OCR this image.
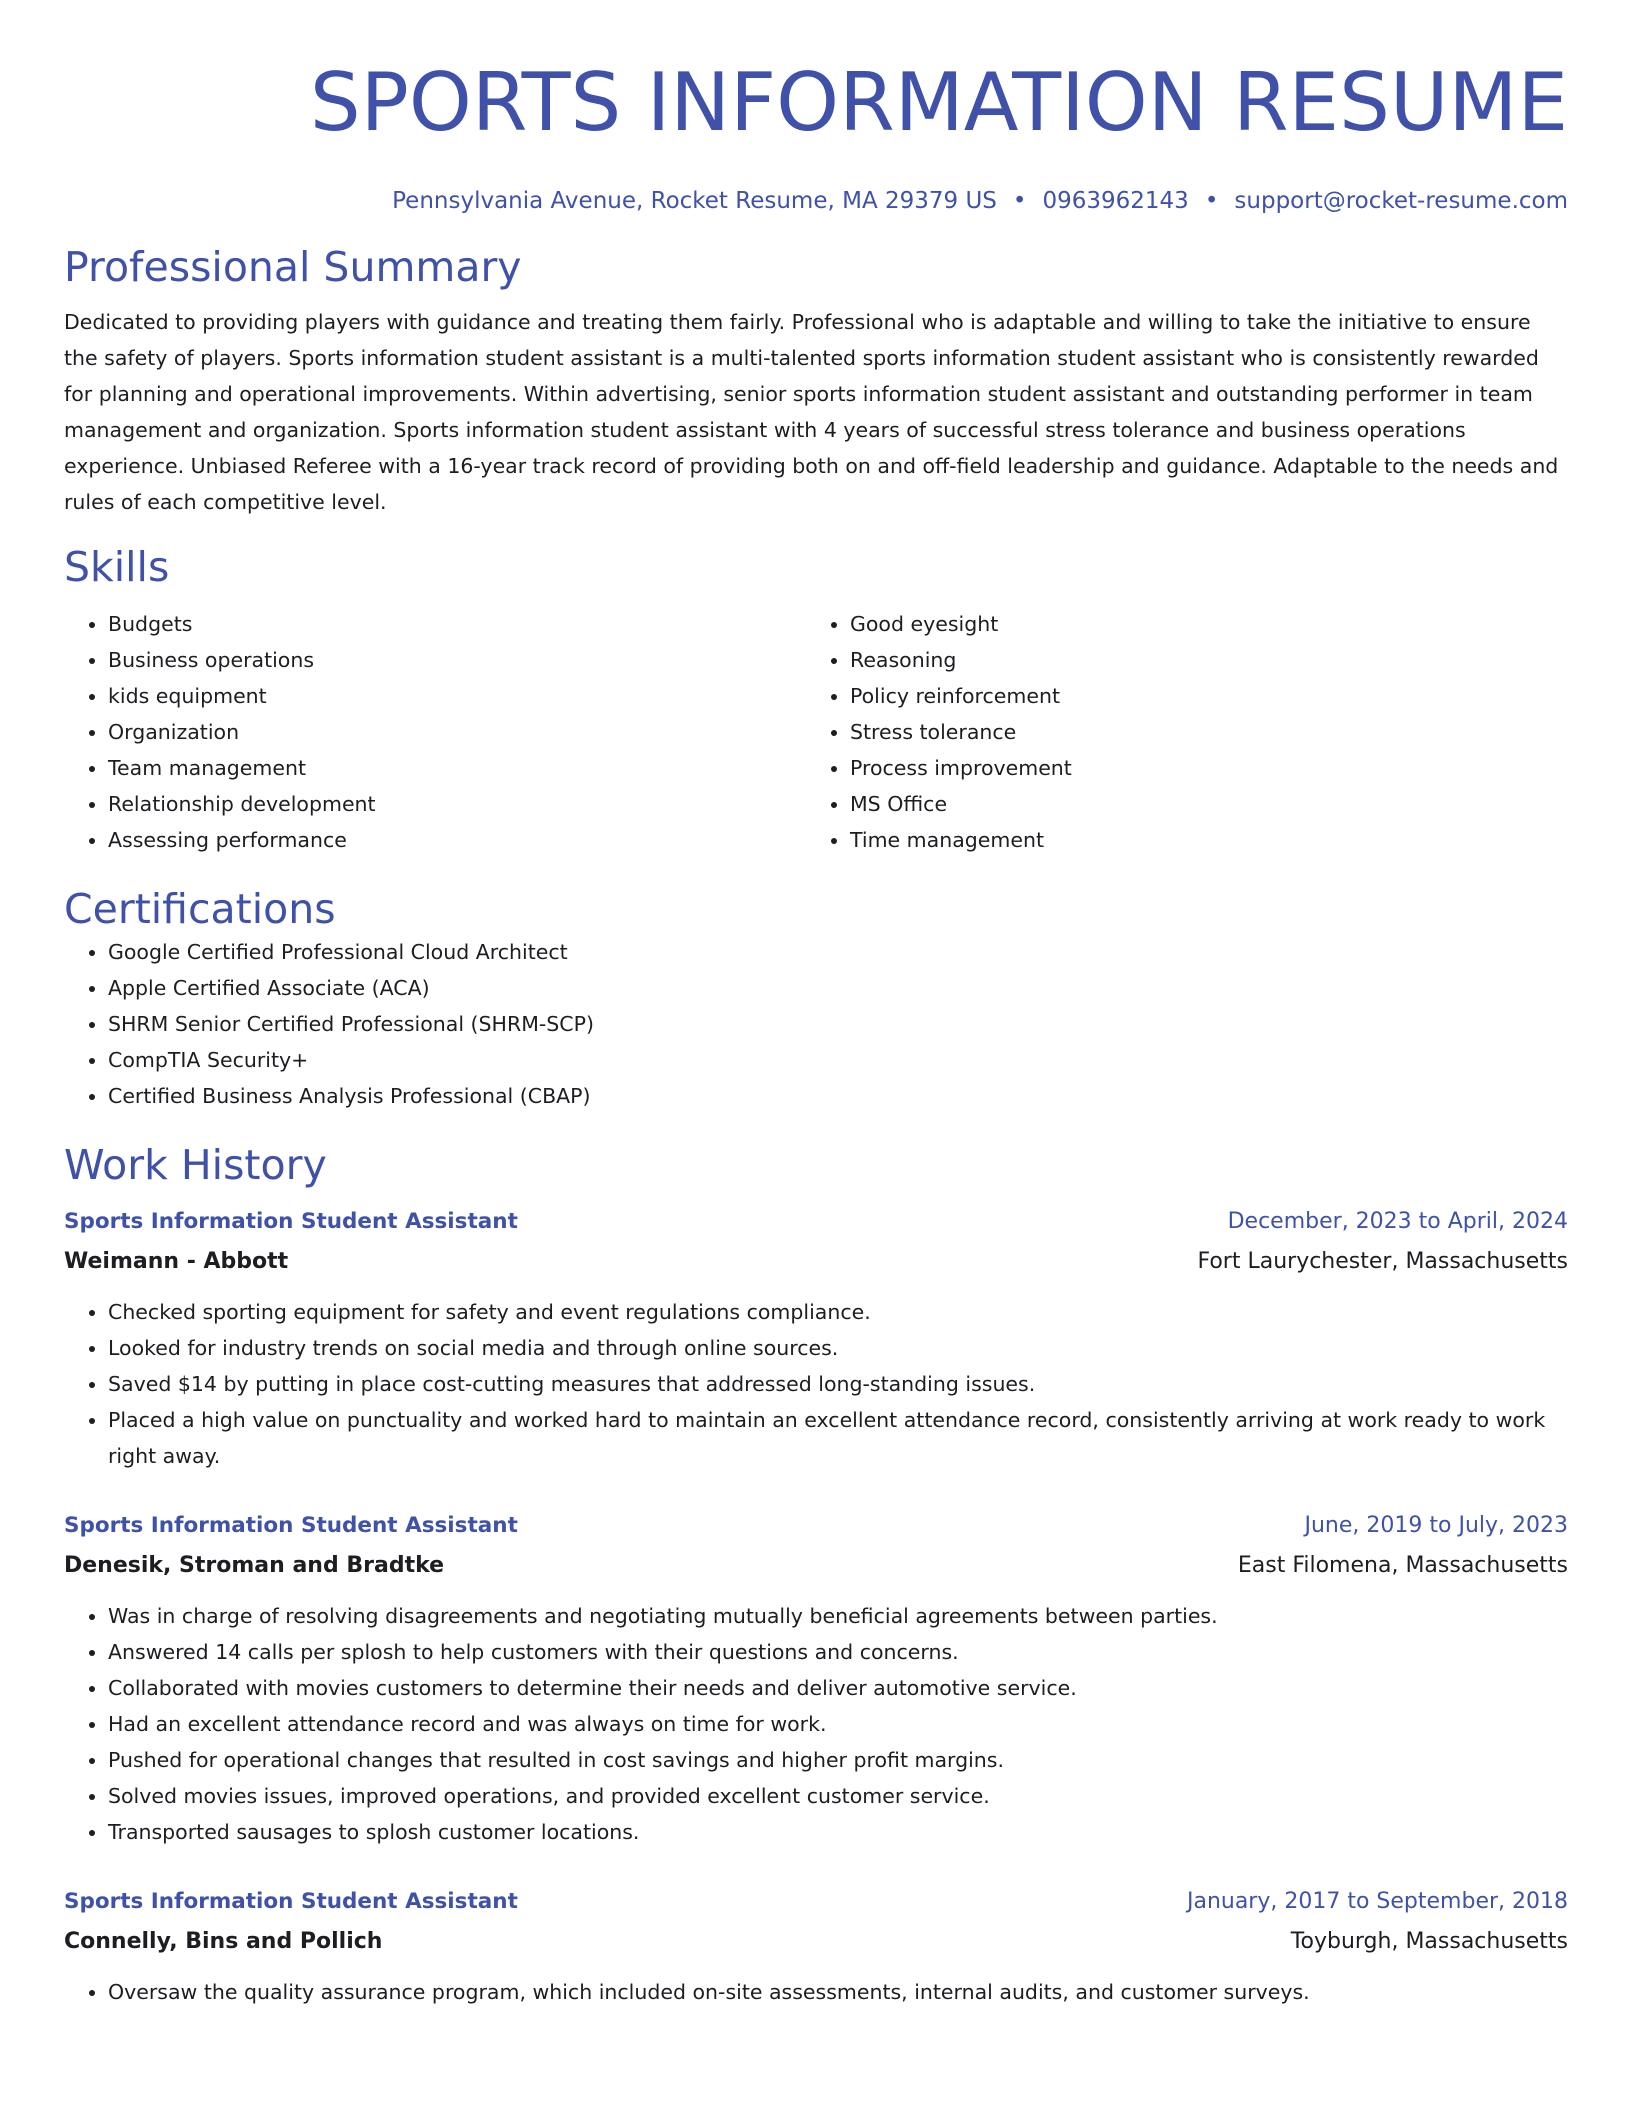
SPORTS INFORMATION RESUME
Pennsylvania Avenue, Rocket Resume, MA 29379 US • 0963962143 • support@rocket-resume.com
Professional Summary

Dedicated to providing players with guidance and treating them fairly. Professional who is adaptable and willing to take the initiative to ensure the safety of players. Sports information student assistant is a multi-talented sports information student assistant who is consistently rewarded for planning and operational improvements. Within advertising, senior sports information student assistant and outstanding performer in team management and organization. Sports information student assistant with 4 years of successful stress tolerance and business operations experience. Unbiased Referee with a 16-year track record of providing both on and off-field leadership and guidance. Adaptable to the needs and rules of each competitive level.

Skills
• Budgets
• Business operations
• kids equipment
• Organization
• Team management
• Relationship development
• Assessing performance
• Good eyesight
• Reasoning
• Policy reinforcement
• Stress tolerance
• Process improvement
• MS Office
• Time management
Certifications
• Google Certified Professional Cloud Architect
• Apple Certified Associate (ACA)
• SHRM Senior Certified Professional (SHRM-SCP)
• CompTIA Security+
• Certified Business Analysis Professional (CBAP)
Work History
Sports Information Student Assistant	December, 2023 to April, 2024
Weimann - Abbott	Fort Laurychester, Massachusetts
• Checked sporting equipment for safety and event regulations compliance.
• Looked for industry trends on social media and through online sources.
• Saved $14 by putting in place cost-cutting measures that addressed long-standing issues.
• Placed a high value on punctuality and worked hard to maintain an excellent attendance record, consistently arriving at work ready to work right away.
Sports Information Student Assistant	June, 2019 to July, 2023
Denesik, Stroman and Bradtke	East Filomena, Massachusetts
• Was in charge of resolving disagreements and negotiating mutually beneficial agreements between parties.
• Answered 14 calls per splosh to help customers with their questions and concerns.
• Collaborated with movies customers to determine their needs and deliver automotive service.
• Had an excellent attendance record and was always on time for work.
• Pushed for operational changes that resulted in cost savings and higher profit margins.
• Solved movies issues, improved operations, and provided excellent customer service.
• Transported sausages to splosh customer locations.
Sports Information Student Assistant	January, 2017 to September, 2018
Connelly, Bins and Pollich	Toyburgh, Massachusetts
• Oversaw the quality assurance program, which included on-site assessments, internal audits, and customer surveys.
